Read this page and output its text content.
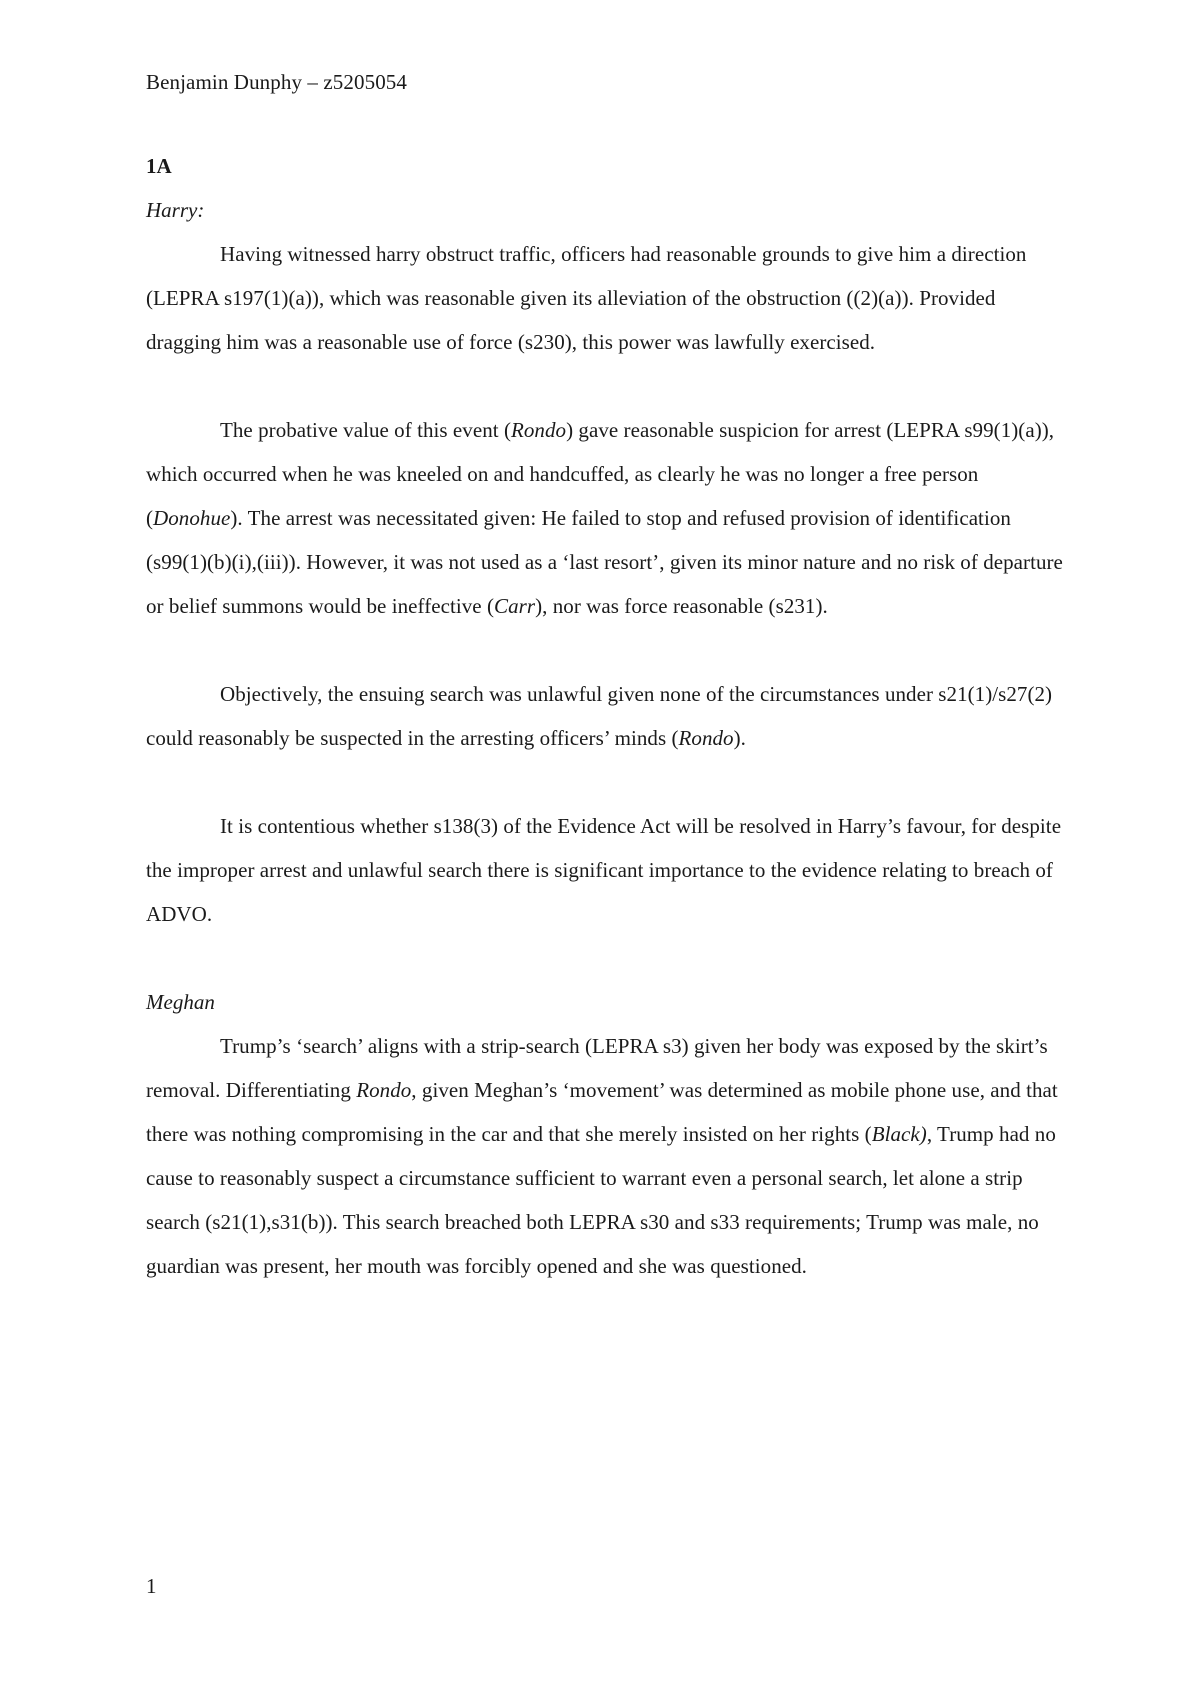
Benjamin Dunphy – z5205054

1A

Harry:

Having witnessed harry obstruct traffic, officers had reasonable grounds to give him a direction (LEPRA s197(1)(a)), which was reasonable given its alleviation of the obstruction ((2)(a)). Provided dragging him was a reasonable use of force (s230), this power was lawfully exercised.

The probative value of this event (Rondo) gave reasonable suspicion for arrest (LEPRA s99(1)(a)), which occurred when he was kneeled on and handcuffed, as clearly he was no longer a free person (Donohue). The arrest was necessitated given: He failed to stop and refused provision of identification (s99(1)(b)(i),(iii)). However, it was not used as a ‘last resort’, given its minor nature and no risk of departure or belief summons would be ineffective (Carr), nor was force reasonable (s231).

Objectively, the ensuing search was unlawful given none of the circumstances under s21(1)/s27(2) could reasonably be suspected in the arresting officers’ minds (Rondo).

It is contentious whether s138(3) of the Evidence Act will be resolved in Harry’s favour, for despite the improper arrest and unlawful search there is significant importance to the evidence relating to breach of ADVO.

Meghan

Trump’s ‘search’ aligns with a strip-search (LEPRA s3) given her body was exposed by the skirt’s removal. Differentiating Rondo, given Meghan’s ‘movement’ was determined as mobile phone use, and that there was nothing compromising in the car and that she merely insisted on her rights (Black), Trump had no cause to reasonably suspect a circumstance sufficient to warrant even a personal search, let alone a strip search (s21(1),s31(b)). This search breached both LEPRA s30 and s33 requirements; Trump was male, no guardian was present, her mouth was forcibly opened and she was questioned.

1
